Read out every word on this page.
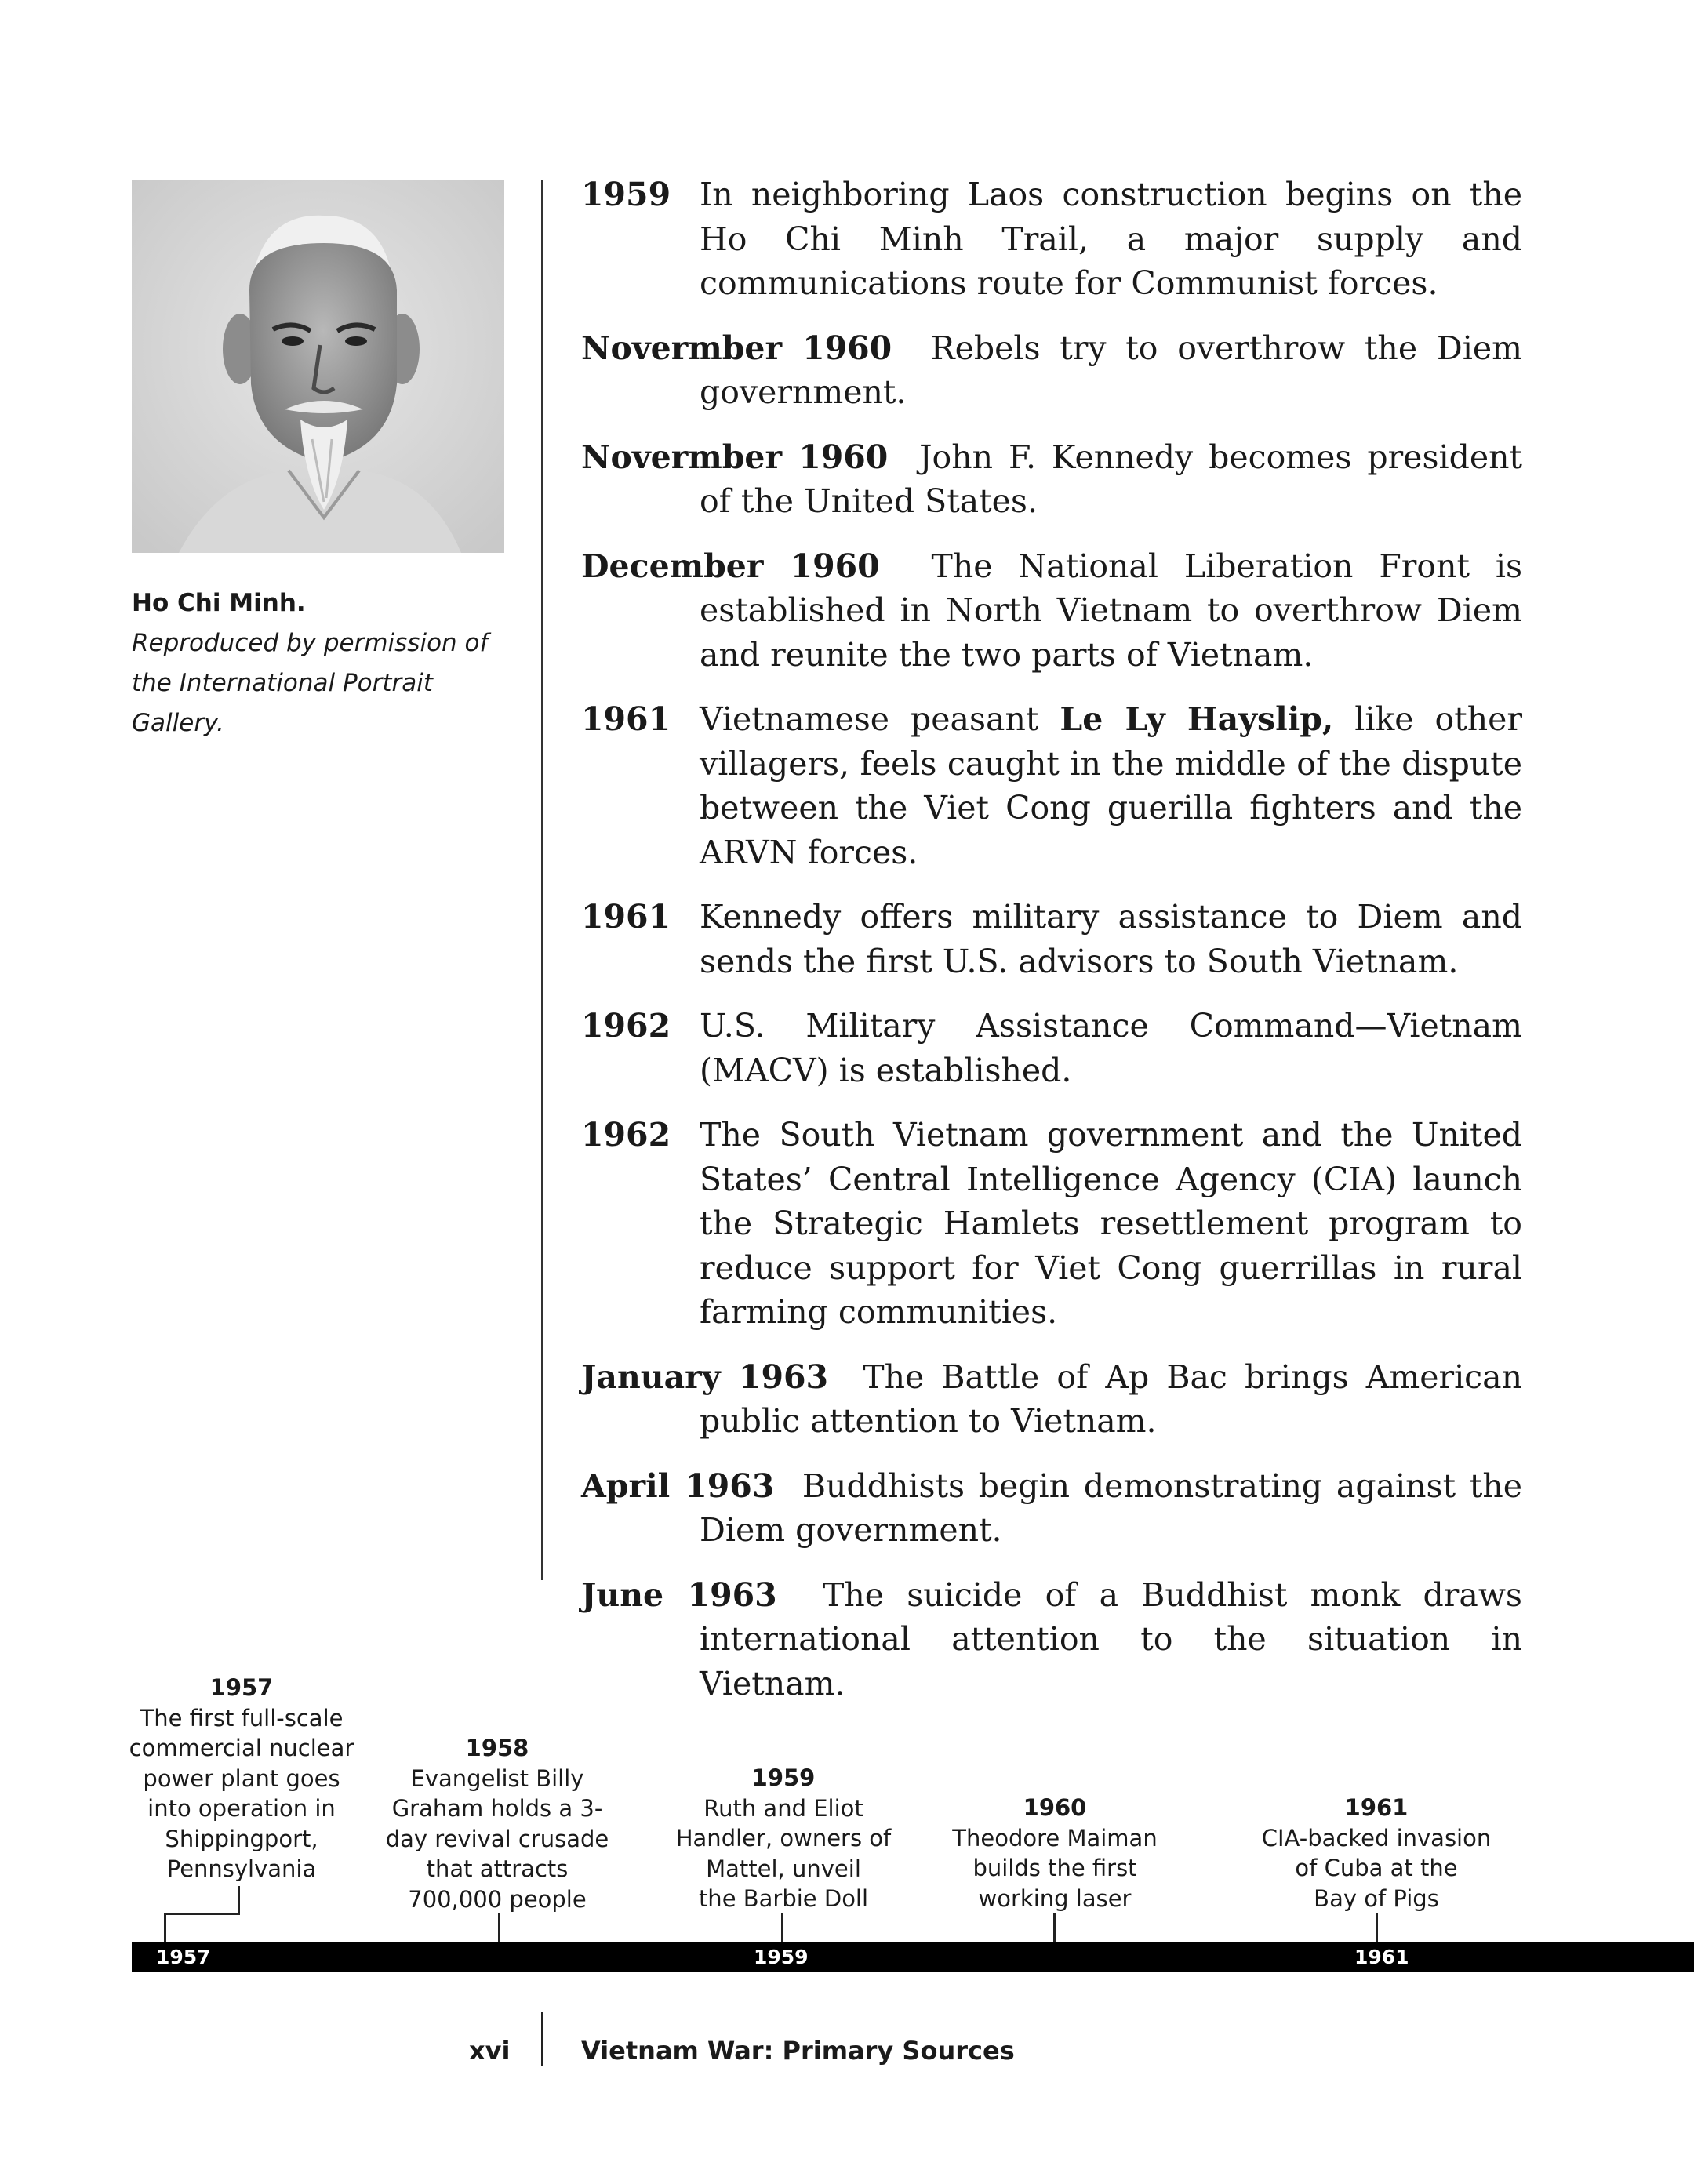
Ho Chi Minh.
Reproduced by permission of
the International Portrait
Gallery.
1959 In neighboring Laos construction begins on the Ho Chi Minh Trail, a major supply and communications route for Communist forces.
Novermber 1960 Rebels try to overthrow the Diem government.
Novermber 1960 John F. Kennedy becomes president of the United States.
December 1960 The National Liberation Front is established in North Vietnam to overthrow Diem and reunite the two parts of Vietnam.
1961 Vietnamese peasant Le Ly Hayslip, like other villagers, feels caught in the middle of the dispute between the Viet Cong guerilla fighters and the ARVN forces.
1961 Kennedy offers military assistance to Diem and sends the first U.S. advisors to South Vietnam.
1962 U.S. Military Assistance Command—Vietnam (MACV) is established.
1962 The South Vietnam government and the United States’ Central Intelligence Agency (CIA) launch the Strategic Hamlets resettlement program to reduce support for Viet Cong guerrillas in rural farming communities.
January 1963 The Battle of Ap Bac brings American public attention to Vietnam.
April 1963 Buddhists begin demonstrating against the Diem government.
June 1963 The suicide of a Buddhist monk draws international attention to the situation in Vietnam.
1957
The first full-scale
commercial nuclear
power plant goes
into operation in
Shippingport,
Pennsylvania
1958
Evangelist Billy
Graham holds a 3-
day revival crusade
that attracts
700,000 people
1959
Ruth and Eliot
Handler, owners of
Mattel, unveil
the Barbie Doll
1960
Theodore Maiman
builds the first
working laser
1961
CIA-backed invasion
of Cuba at the
Bay of Pigs
1957	1959	1961
xvi	Vietnam War: Primary Sources
